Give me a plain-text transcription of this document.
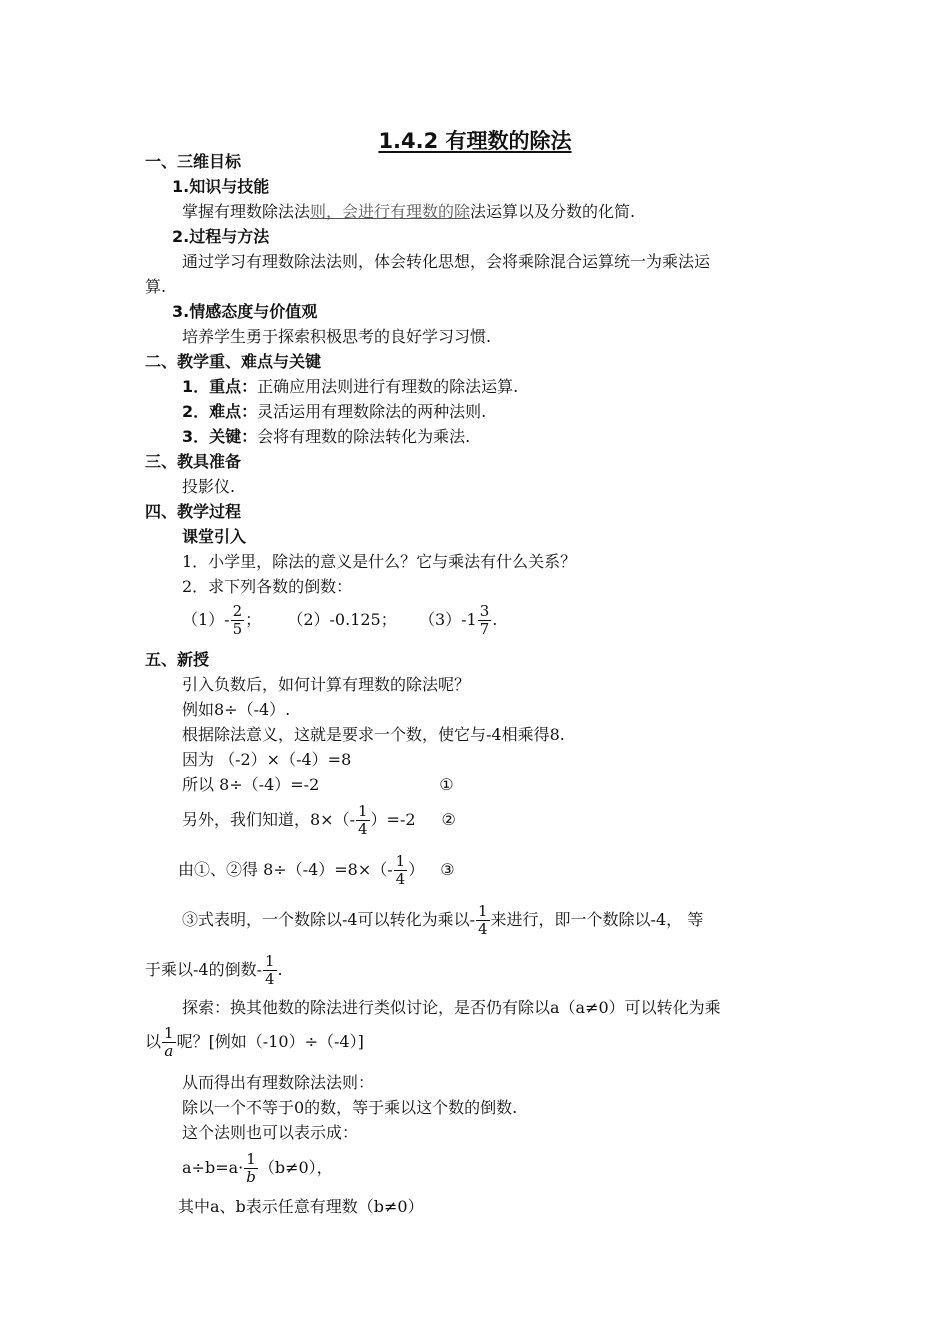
1.4.2 有理数的除法
一、三维目标
1.知识与技能
掌握有理数除法法则，会进行有理数的除法运算以及分数的化简.
2.过程与方法
通过学习有理数除法法则，体会转化思想，会将乘除混合运算统一为乘法运
算.
3.情感态度与价值观
培养学生勇于探索积极思考的良好学习习惯.
二、教学重、难点与关键
1．重点：正确应用法则进行有理数的除法运算.
2．难点：灵活运用有理数除法的两种法则.
3．关键：会将有理数的除法转化为乘法.
三、教具准备
投影仪.
四、教学过程
课堂引入
1．小学里，除法的意义是什么？它与乘法有什么关系？
2．求下列各数的倒数：
$(1)- \frac{2}{5}$ ； （2）-0.125； $(3)-1 \frac{3}{7}$ .
五、新授
引入负数后，如何计算有理数的除法呢？
例如8÷（-4）.
根据除法意义，这就是要求一个数，使它与-4相乘得8.
因为 （-2）×（-4）=8
所以 8÷（-4）=-2	①
另外，我们知道，$8\times(- \frac{1}{4} )=-2$ ②
由①、②得 $8\div(-4)=8\times(- \frac{1}{4}$ ） ③
③式表明，一个数除以-4可以转化为乘以- $\frac{1}{4}$ 来进行，即一个数除以-4， 等
于乘以-4的倒数- $\frac{1}{4}$ .
探索：换其他数的除法进行类似讨论，是否仍有除以a（a≠0）可以转化为乘
以 $\frac{1}{a}$ 呢？[例如（-10）÷（-4）]
从而得出有理数除法法则：
除以一个不等于0的数，等于乘以这个数的倒数.
这个法则也可以表示成：
$a\div b=a\cdot \frac{1}{b} (b\ne 0)$，
其中a、b表示任意有理数（b≠0）
